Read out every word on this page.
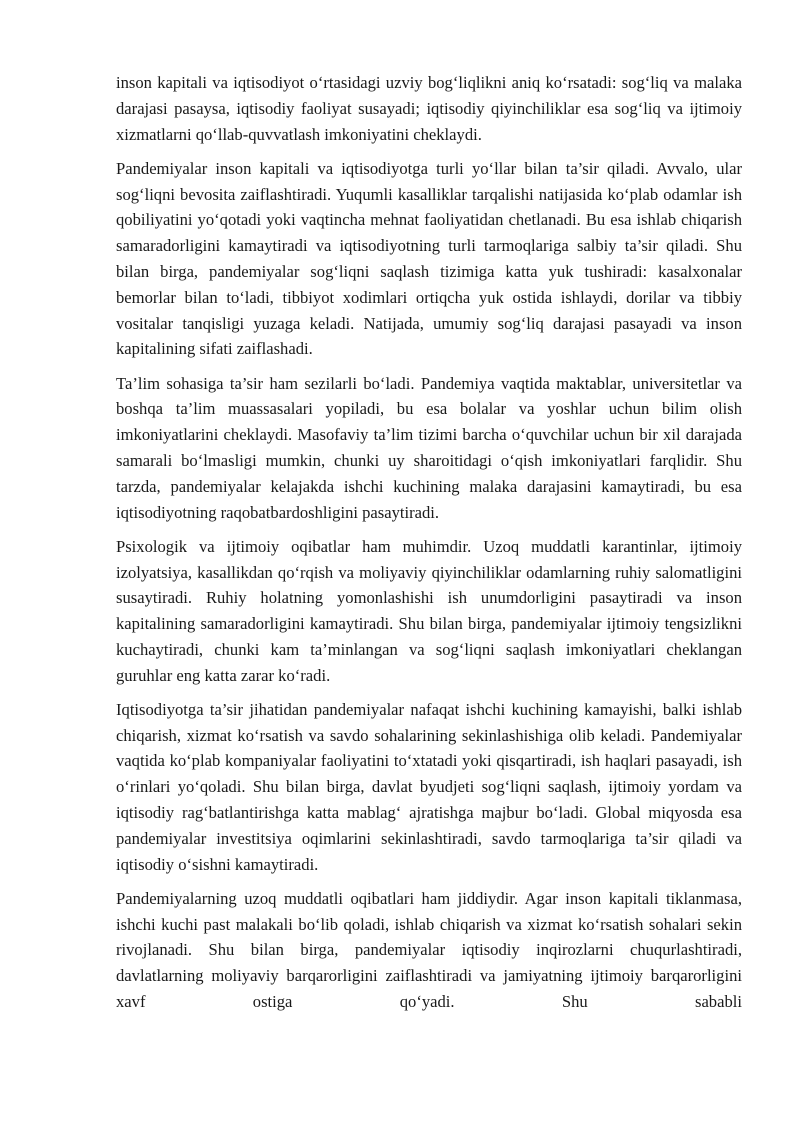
inson kapitali va iqtisodiyot o‘rtasidagi uzviy bog‘liqlikni aniq ko‘rsatadi: sog‘liq va malaka darajasi pasaysa, iqtisodiy faoliyat susayadi; iqtisodiy qiyinchiliklar esa sog‘liq va ijtimoiy xizmatlarni qo‘llab-quvvatlash imkoniyatini cheklaydi.

Pandemiyalar inson kapitali va iqtisodiyotga turli yo‘llar bilan ta’sir qiladi. Avvalo, ular sog‘liqni bevosita zaiflashtiradi. Yuqumli kasalliklar tarqalishi natijasida ko‘plab odamlar ish qobiliyatini yo‘qotadi yoki vaqtincha mehnat faoliyatidan chetlanadi. Bu esa ishlab chiqarish samaradorligini kamaytiradi va iqtisodiyotning turli tarmoqlariga salbiy ta’sir qiladi. Shu bilan birga, pandemiyalar sog‘liqni saqlash tizimiga katta yuk tushiradi: kasalxonalar bemorlar bilan to‘ladi, tibbiyot xodimlari ortiqcha yuk ostida ishlaydi, dorilar va tibbiy vositalar tanqisligi yuzaga keladi. Natijada, umumiy sog‘liq darajasi pasayadi va inson kapitalining sifati zaiflashadi.

Ta’lim sohasiga ta’sir ham sezilarli bo‘ladi. Pandemiya vaqtida maktablar, universitetlar va boshqa ta’lim muassasalari yopiladi, bu esa bolalar va yoshlar uchun bilim olish imkoniyatlarini cheklaydi. Masofaviy ta’lim tizimi barcha o‘quvchilar uchun bir xil darajada samarali bo‘lmasligi mumkin, chunki uy sharoitidagi o‘qish imkoniyatlari farqlidir. Shu tarzda, pandemiyalar kelajakda ishchi kuchining malaka darajasini kamaytiradi, bu esa iqtisodiyotning raqobatbardoshligini pasaytiradi.

Psixologik va ijtimoiy oqibatlar ham muhimdir. Uzoq muddatli karantinlar, ijtimoiy izolyatsiya, kasallikdan qo‘rqish va moliyaviy qiyinchiliklar odamlarning ruhiy salomatligini susaytiradi. Ruhiy holatning yomonlashishi ish unumdorligini pasaytiradi va inson kapitalining samaradorligini kamaytiradi. Shu bilan birga, pandemiyalar ijtimoiy tengsizlikni kuchaytiradi, chunki kam ta’minlangan va sog‘liqni saqlash imkoniyatlari cheklangan guruhlar eng katta zarar ko‘radi.

Iqtisodiyotga ta’sir jihatidan pandemiyalar nafaqat ishchi kuchining kamayishi, balki ishlab chiqarish, xizmat ko‘rsatish va savdo sohalarining sekinlashishiga olib keladi. Pandemiyalar vaqtida ko‘plab kompaniyalar faoliyatini to‘xtatadi yoki qisqartiradi, ish haqlari pasayadi, ish o‘rinlari yo‘qoladi. Shu bilan birga, davlat byudjeti sog‘liqni saqlash, ijtimoiy yordam va iqtisodiy rag‘batlantirishga katta mablag‘ ajratishga majbur bo‘ladi. Global miqyosda esa pandemiyalar investitsiya oqimlarini sekinlashtiradi, savdo tarmoqlariga ta’sir qiladi va iqtisodiy o‘sishni kamaytiradi.

Pandemiyalarning uzoq muddatli oqibatlari ham jiddiydir. Agar inson kapitali tiklanmasa, ishchi kuchi past malakali bo‘lib qoladi, ishlab chiqarish va xizmat ko‘rsatish sohalari sekin rivojlanadi. Shu bilan birga, pandemiyalar iqtisodiy inqirozlarni chuqurlashtiradi, davlatlarning moliyaviy barqarorligini zaiflashtiradi va jamiyatning ijtimoiy barqarorligini xavf ostiga qo‘yadi. Shu sababli
